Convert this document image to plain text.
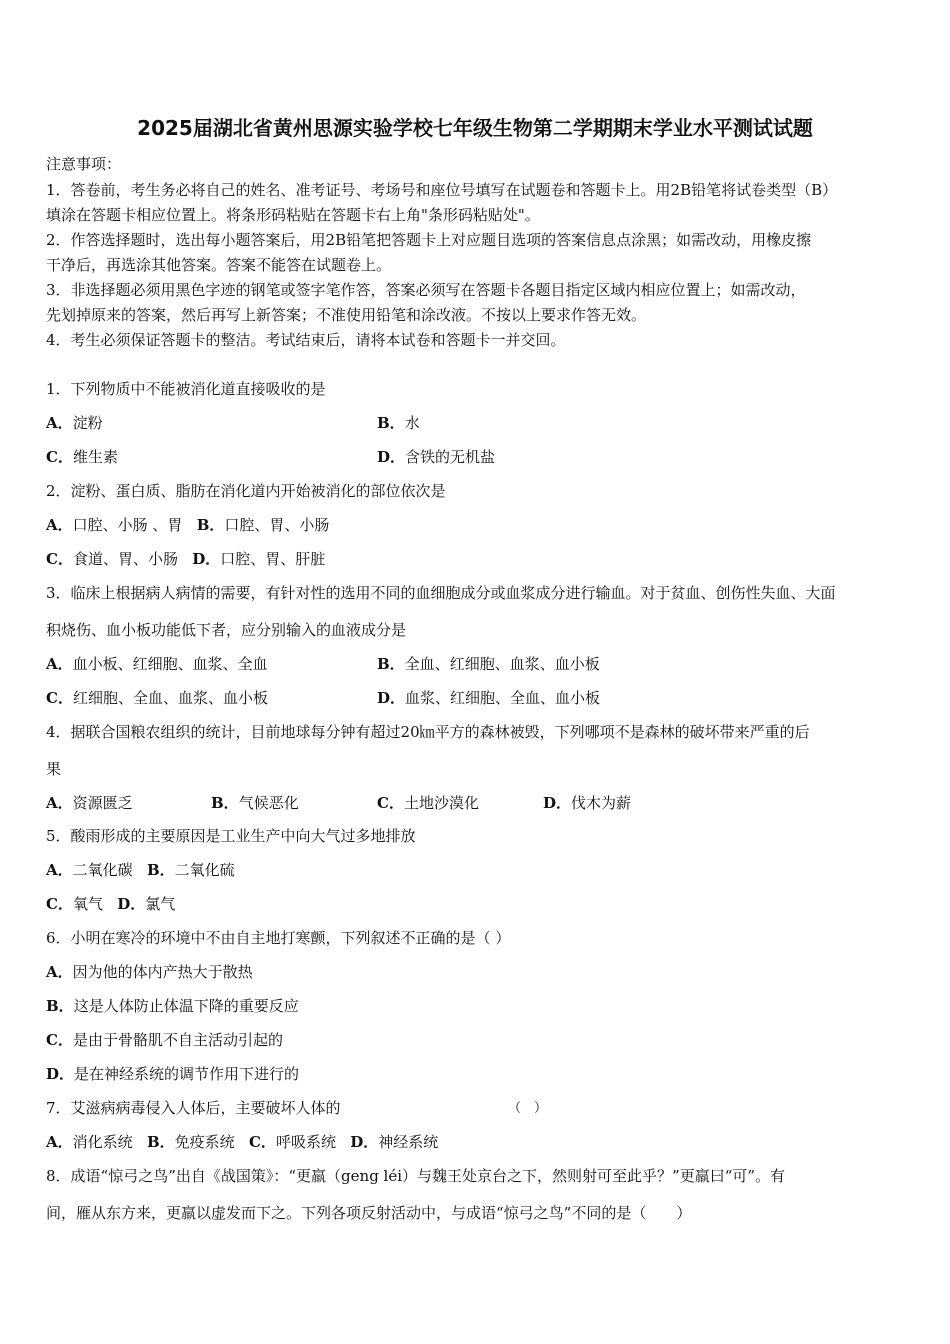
2025届湖北省黄州思源实验学校七年级生物第二学期期末学业水平测试试题
注意事项：
1．答卷前，考生务必将自己的姓名、准考证号、考场号和座位号填写在试题卷和答题卡上。用2B铅笔将试卷类型（B）
填涂在答题卡相应位置上。将条形码粘贴在答题卡右上角"条形码粘贴处"。
2．作答选择题时，选出每小题答案后，用2B铅笔把答题卡上对应题目选项的答案信息点涂黑；如需改动，用橡皮擦
干净后，再选涂其他答案。答案不能答在试题卷上。
3．非选择题必须用黑色字迹的钢笔或签字笔作答，答案必须写在答题卡各题目指定区域内相应位置上；如需改动，
先划掉原来的答案，然后再写上新答案；不准使用铅笔和涂改液。不按以上要求作答无效。
4．考生必须保证答题卡的整洁。考试结束后，请将本试卷和答题卡一并交回。
1．下列物质中不能被消化道直接吸收的是
A．淀粉	B．水
C．维生素	D．含铁的无机盐
2．淀粉、蛋白质、脂肪在消化道内开始被消化的部位依次是
A．口腔、小肠 、胃 B．口腔、胃、小肠
C．食道、胃、小肠 D．口腔、胃、肝脏
3．临床上根据病人病情的需要，有针对性的选用不同的血细胞成分或血浆成分进行输血。对于贫血、创伤性失血、大面
积烧伤、血小板功能低下者，应分别输入的血液成分是
A．血小板、红细胞、血浆、全血	B．全血、红细胞、血浆、血小板
C．红细胞、全血、血浆、血小板	D．血浆、红细胞、全血、血小板
4．据联合国粮农组织的统计，目前地球每分钟有超过20㎞平方的森林被毁，下列哪项不是森林的破坏带来严重的后
果
A．资源匮乏	B．气候恶化	C．土地沙漠化	D．伐木为薪
5．酸雨形成的主要原因是工业生产中向大气过多地排放
A．二氧化碳 B．二氧化硫
C．氧气 D．氯气
6．小明在寒冷的环境中不由自主地打寒颤，下列叙述不正确的是（ ）
A．因为他的体内产热大于散热
B．这是人体防止体温下降的重要反应
C．是由于骨骼肌不自主活动引起的
D．是在神经系统的调节作用下进行的
7．艾滋病病毒侵入人体后，主要破坏人体的	（　）
A．消化系统 B．免疫系统 C．呼吸系统 D．神经系统
8．成语“惊弓之鸟”出自《战国策》：“更羸（geng léi）与魏王处京台之下，然则射可至此乎？”更羸曰“可”。有
间，雁从东方来，更羸以虚发而下之。下列各项反射活动中，与成语“惊弓之鸟”不同的是（　　）
